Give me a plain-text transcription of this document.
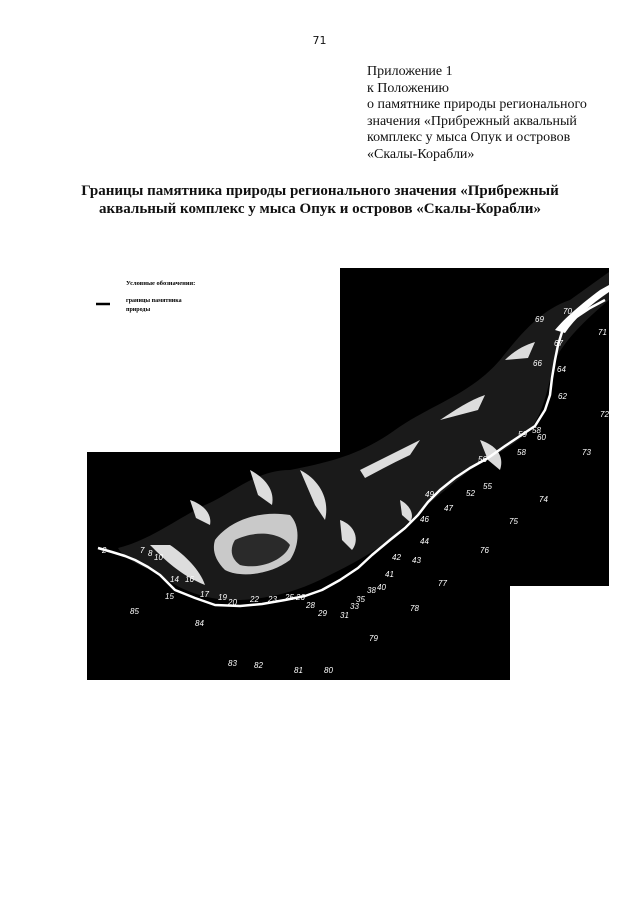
71
Приложение 1
к Положению
о памятнике природы регионального
значения «Прибрежный аквальный
комплекс у мыса Опук и островов
«Скалы-Корабли»
Границы памятника природы регионального значения «Прибрежный
аквальный комплекс у мыса Опук и островов «Скалы-Корабли»
Условные обозначения:
границы памятника
природы
69
70
71
67
66
64
62
72
59 58
60
73
56
58
55
52
74
49
47
46	75
44
43
42
41
76
77
40
38
35
33
31
29
28
26
25
23
22
20
19
17
16
15
14
10
8
7
2
78
79
84
85
83 82
81	80
